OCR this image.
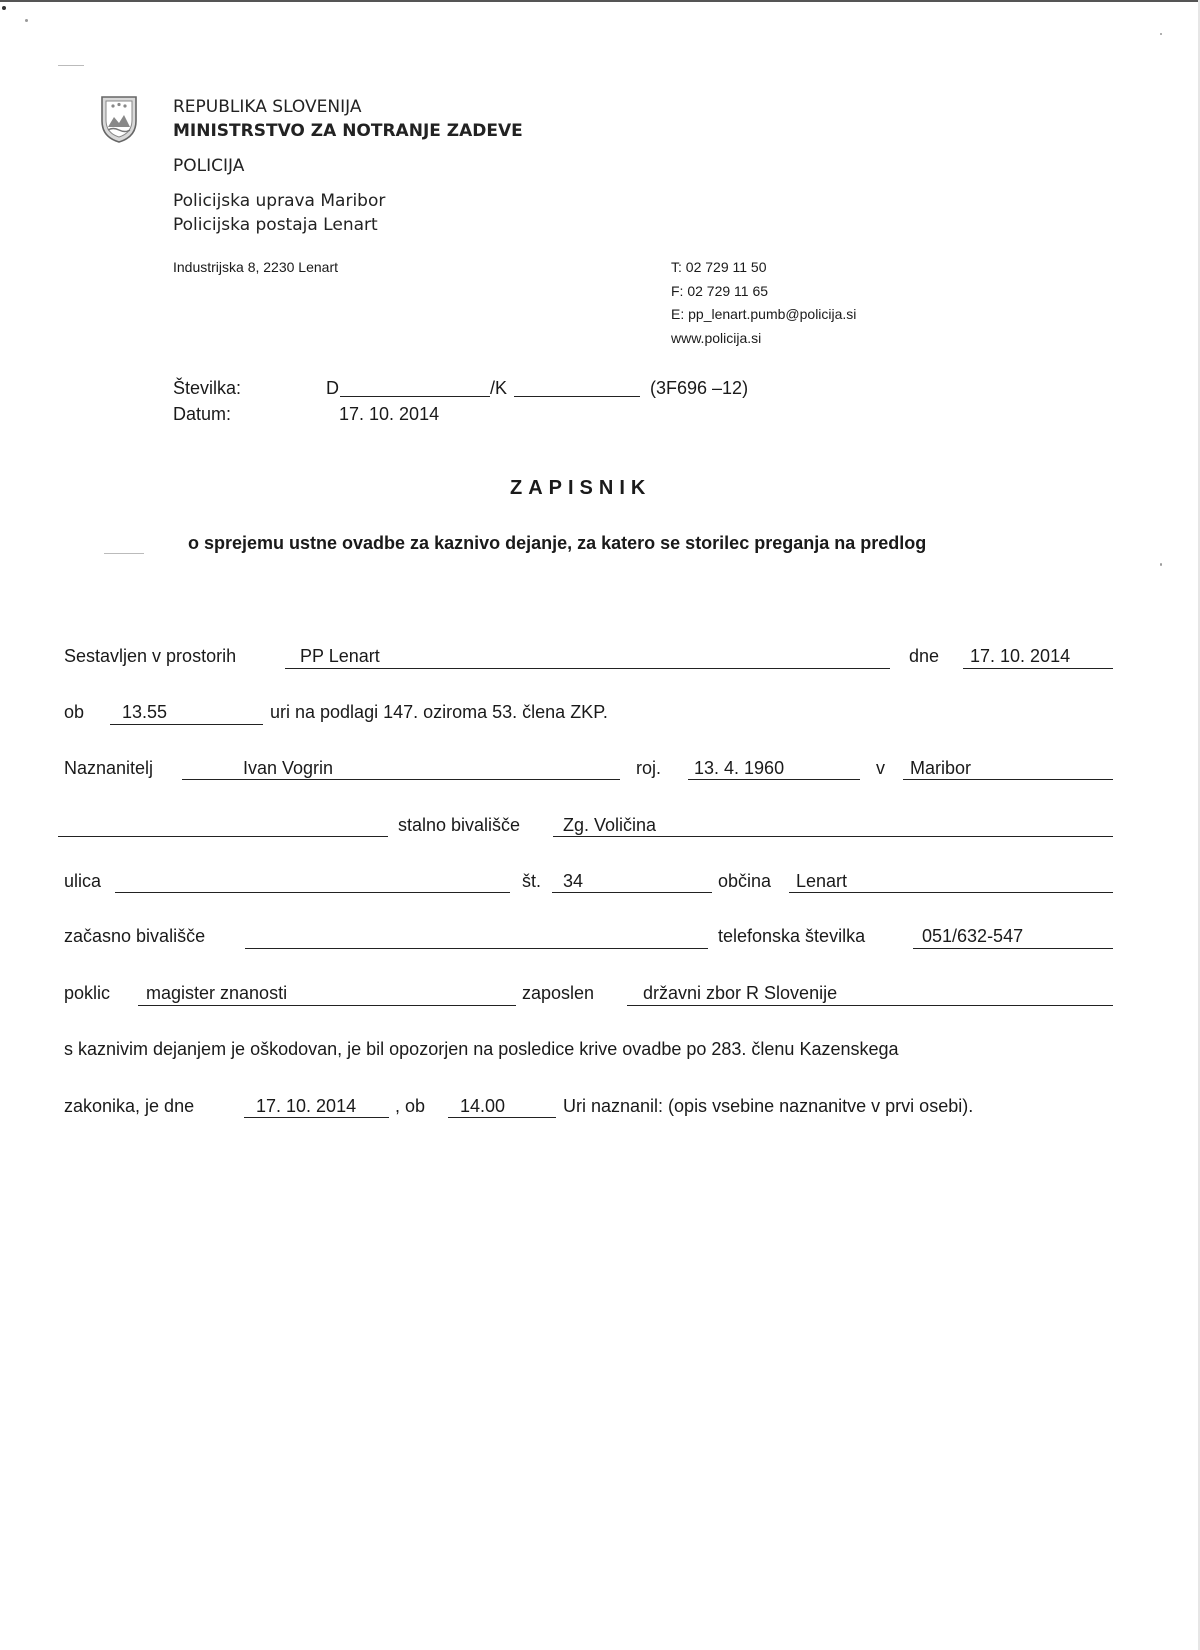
REPUBLIKA SLOVENIJA
MINISTRSTVO ZA NOTRANJE ZADEVE
POLICIJA
Policijska uprava Maribor
Policijska postaja Lenart
Industrijska 8, 2230 Lenart	T: 02 729 11 50
F: 02 729 11 65
E: pp_lenart.pumb@policija.si
www.policija.si
Številka:	D	/K	(3F696 –12)
Datum:	17. 10. 2014
ZAPISNIK
o sprejemu ustne ovadbe za kaznivo dejanje, za katero se storilec preganja na predlog
Sestavljen v prostorih	PP Lenart	dne 17. 10. 2014
ob 13.55	uri na podlagi 147. oziroma 53. člena ZKP.
Naznanitelj	Ivan Vogrin	roj. 13. 4. 1960	v Maribor
stalno bivališče Zg. Voličina
ulica	št. 34	občina Lenart
začasno bivališče	telefonska številka	051/632-547
poklic magister znanosti	zaposlen	državni zbor R Slovenije
s kaznivim dejanjem je oškodovan, je bil opozorjen na posledice krive ovadbe po 283. členu Kazenskega
zakonika, je dne	17. 10. 2014 , ob 14.00	Uri naznanil: (opis vsebine naznanitve v prvi osebi).
